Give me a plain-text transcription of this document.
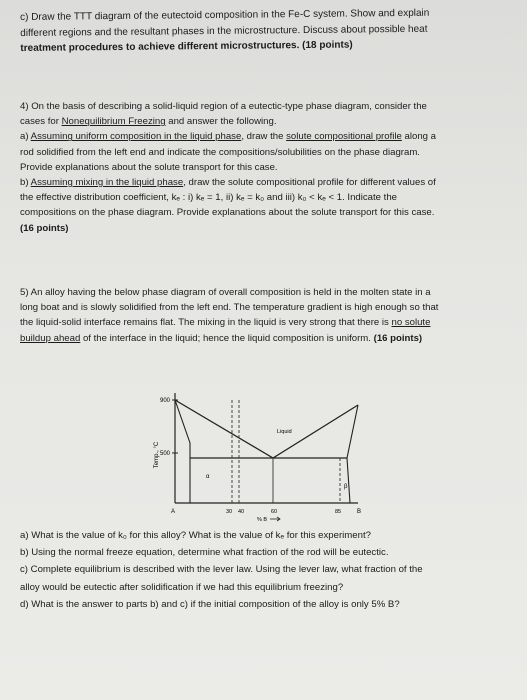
c) Draw the TTT diagram of the eutectoid composition in the Fe-C system. Show and explain
different regions and the resultant phases in the microstructure. Discuss about possible heat
treatment procedures to achieve different microstructures. (18 points)
4) On the basis of describing a solid-liquid region of a eutectic-type phase diagram, consider the
cases for Nonequilibrium Freezing and answer the following.
a) Assuming uniform composition in the liquid phase, draw the solute compositional profile along a
rod solidified from the left end and indicate the compositions/solubilities on the phase diagram.
Provide explanations about the solute transport for this case.
b) Assuming mixing in the liquid phase, draw the solute compositional profile for different values of
the effective distribution coefficient, kₑ : i) kₑ = 1, ii) kₑ = k₀ and iii) k₀ < kₑ < 1. Indicate the
compositions on the phase diagram. Provide explanations about the solute transport for this case.
(16 points)
5) An alloy having the below phase diagram of overall composition is held in the molten state in a
long boat and is slowly solidified from the left end. The temperature gradient is high enough so that
the liquid-solid interface remains flat. The mixing in the liquid is very strong that there is no solute
buildup ahead of the interface in the liquid; hence the liquid composition is uniform. (16 points)
900
500
Temp., °C
Liquid
α
β
A	30 40	60	85	B
% B
a) What is the value of k₀ for this alloy? What is the value of kₑ for this experiment?
b) Using the normal freeze equation, determine what fraction of the rod will be eutectic.
c) Complete equilibrium is described with the lever law. Using the lever law, what fraction of the
alloy would be eutectic after solidification if we had this equilibrium freezing?
d) What is the answer to parts b) and c) if the initial composition of the alloy is only 5% B?
